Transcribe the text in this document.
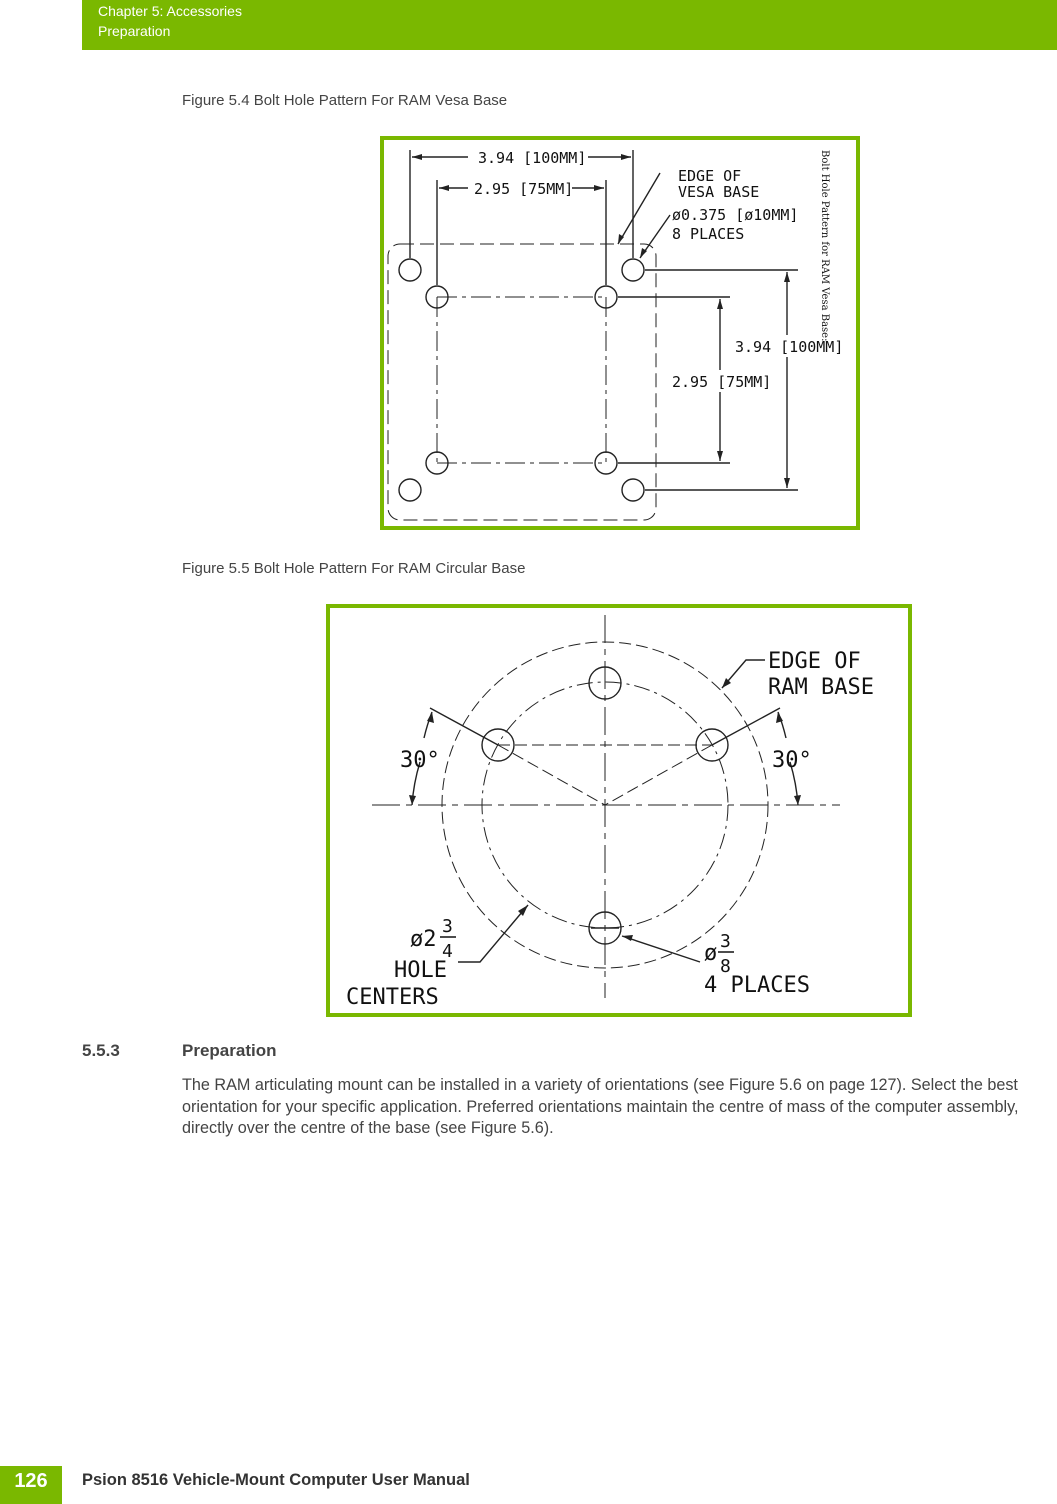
Chapter 5: Accessories
Preparation
Figure 5.4 Bolt Hole Pattern For RAM Vesa Base
3.94 [100MM]
2.95 [75MM]
EDGE OF
VESA BASE
ø0.375 [ø10MM]
8 PLACES
3.94 [100MM]
2.95 [75MM]
Bolt Hole Pattern for RAM Vesa Base:
Figure 5.5 Bolt Hole Pattern For RAM Circular Base
EDGE OF
RAM BASE
30°	30°
ø2
3
4
HOLE
CENTERS
ø 3
8
4 PLACES
5.5.3	Preparation
The RAM articulating mount can be installed in a variety of orientations (see Figure 5.6 on page 127). Select the best orientation for your specific application. Preferred orientations maintain the centre of mass of the computer assembly, directly over the centre of the base (see Figure 5.6).
126	Psion 8516 Vehicle-Mount Computer User Manual
